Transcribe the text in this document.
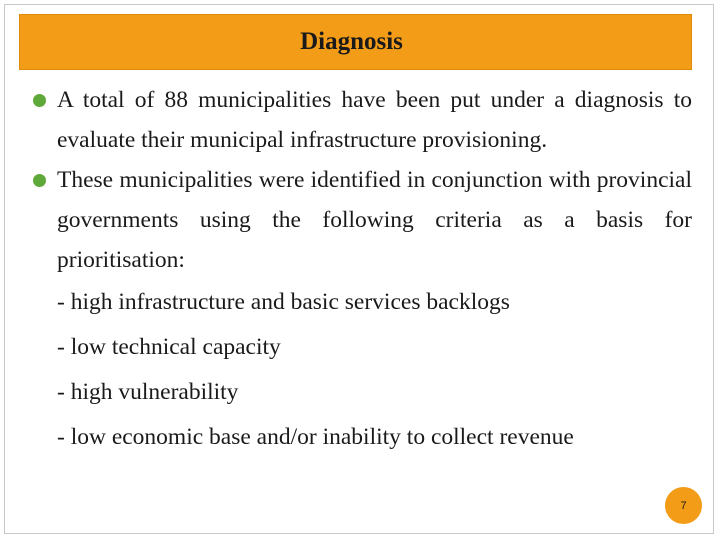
Diagnosis
A total of 88 municipalities have been put under a diagnosis to evaluate their municipal infrastructure provisioning.
These municipalities were identified in conjunction with provincial governments using the following criteria as a basis for prioritisation:
- high infrastructure and basic services backlogs
- low technical capacity
- high vulnerability
- low economic base and/or inability to collect revenue
7
